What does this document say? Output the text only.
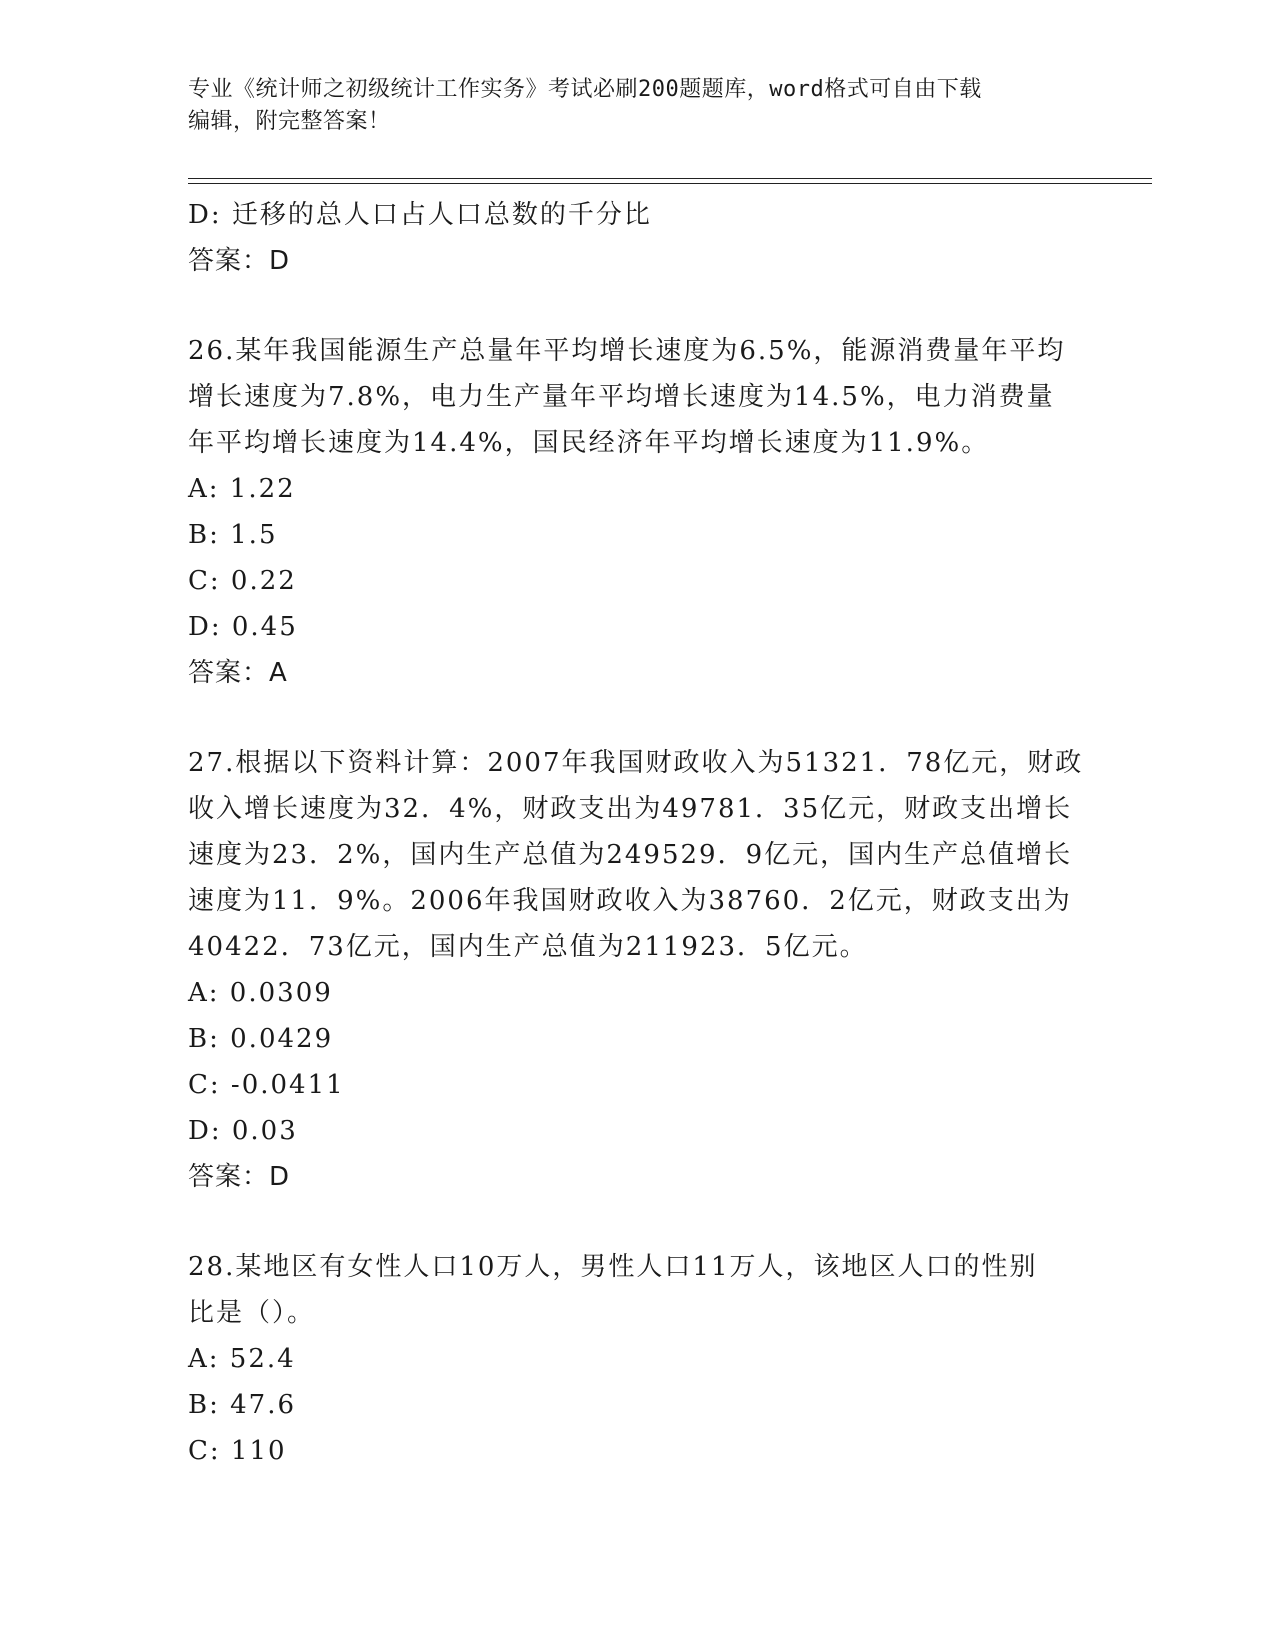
专业《统计师之初级统计工作实务》考试必刷200题题库，word格式可自由下载
编辑，附完整答案！
D: 迁移的总人口占人口总数的千分比
答案：D
26.某年我国能源生产总量年平均增长速度为6.5%，能源消费量年平均
增长速度为7.8%，电力生产量年平均增长速度为14.5%，电力消费量
年平均增长速度为14.4%，国民经济年平均增长速度为11.9%。
A: 1.22
B: 1.5
C: 0.22
D: 0.45
答案：A
27.根据以下资料计算：2007年我国财政收入为51321．78亿元，财政
收入增长速度为32．4%，财政支出为49781．35亿元，财政支出增长
速度为23．2%，国内生产总值为249529．9亿元，国内生产总值增长
速度为11．9%。2006年我国财政收入为38760．2亿元，财政支出为
40422．73亿元，国内生产总值为211923．5亿元。
A: 0.0309
B: 0.0429
C: -0.0411
D: 0.03
答案：D
28.某地区有女性人口10万人，男性人口11万人，该地区人口的性别
比是（）。
A: 52.4
B: 47.6
C: 110
